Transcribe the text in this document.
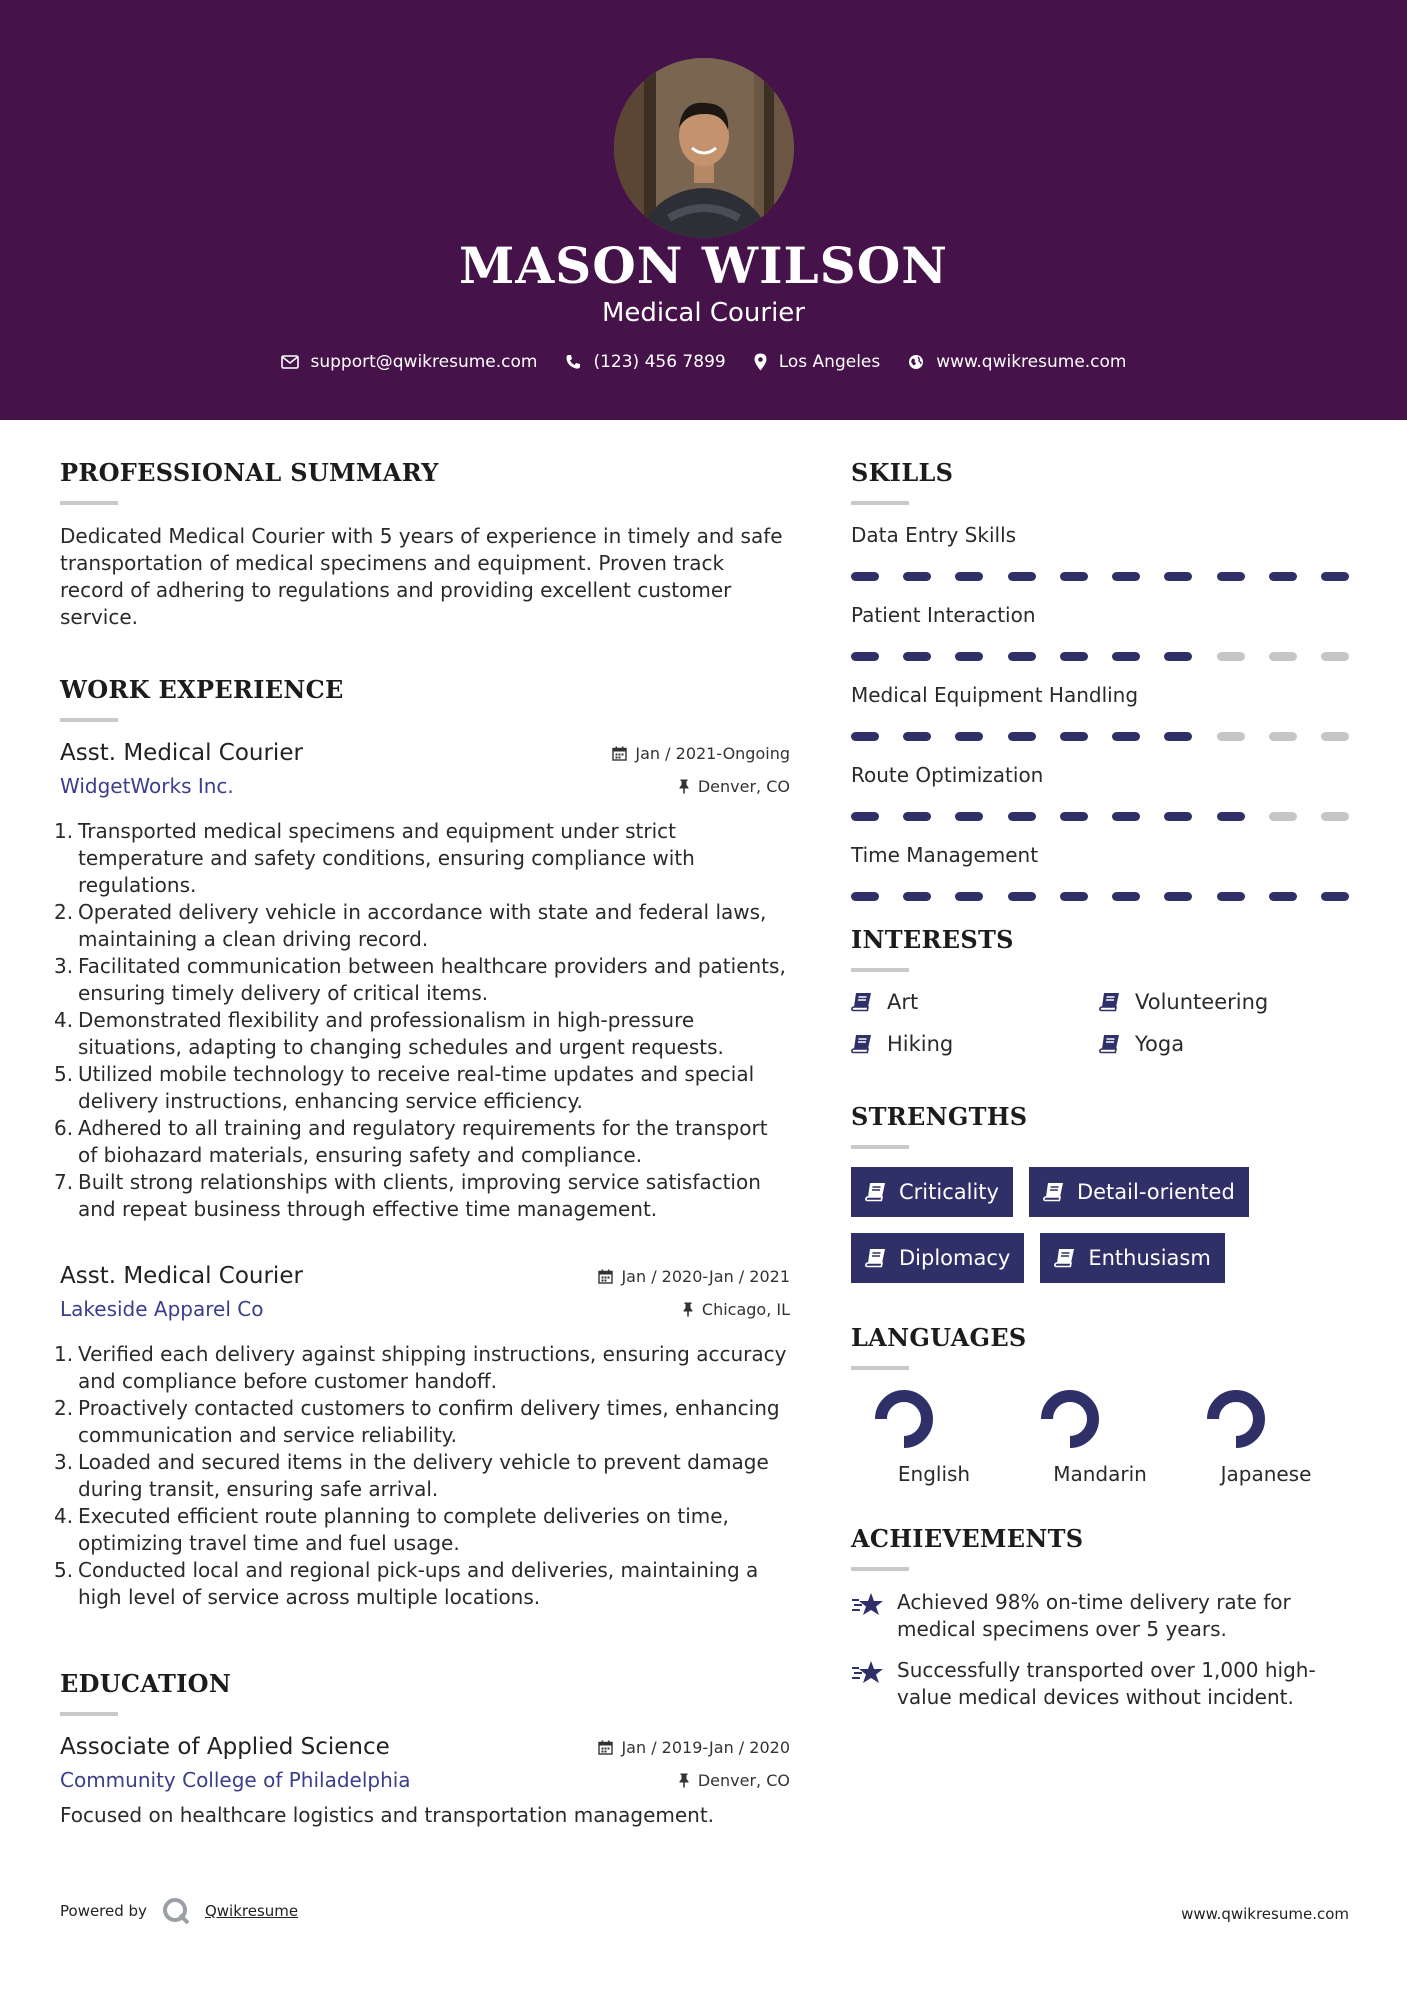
MASON WILSON
Medical Courier
support@qwikresume.com	(123) 456 7899	Los Angeles	www.qwikresume.com
PROFESSIONAL SUMMARY

Dedicated Medical Courier with 5 years of experience in timely and safe transportation of medical specimens and equipment. Proven track record of adhering to regulations and providing excellent customer service.

WORK EXPERIENCE
Asst. Medical Courier	Jan / 2021-Ongoing
WidgetWorks Inc.	Denver, CO
Transported medical specimens and equipment under strict temperature and safety conditions, ensuring compliance with regulations.
Operated delivery vehicle in accordance with state and federal laws, maintaining a clean driving record.
Facilitated communication between healthcare providers and patients, ensuring timely delivery of critical items.
Demonstrated flexibility and professionalism in high-pressure situations, adapting to changing schedules and urgent requests.
Utilized mobile technology to receive real-time updates and special delivery instructions, enhancing service efficiency.
Adhered to all training and regulatory requirements for the transport of biohazard materials, ensuring safety and compliance.
Built strong relationships with clients, improving service satisfaction and repeat business through effective time management.
Asst. Medical Courier	Jan / 2020-Jan / 2021
Lakeside Apparel Co	Chicago, IL
Verified each delivery against shipping instructions, ensuring accuracy and compliance before customer handoff.
Proactively contacted customers to confirm delivery times, enhancing communication and service reliability.
Loaded and secured items in the delivery vehicle to prevent damage during transit, ensuring safe arrival.
Executed efficient route planning to complete deliveries on time, optimizing travel time and fuel usage.
Conducted local and regional pick-ups and deliveries, maintaining a high level of service across multiple locations.
EDUCATION
Associate of Applied Science	Jan / 2019-Jan / 2020
Community College of Philadelphia	Denver, CO

Focused on healthcare logistics and transportation management.

SKILLS
Data Entry Skills
Patient Interaction
Medical Equipment Handling
Route Optimization
Time Management
INTERESTS
Art	Volunteering
Hiking	Yoga
STRENGTHS
Criticality	Detail-oriented
Diplomacy	Enthusiasm
LANGUAGES
English	Mandarin	Japanese
ACHIEVEMENTS
Achieved 98% on-time delivery rate for medical specimens over 5 years.
Successfully transported over 1,000 high-value medical devices without incident.
Powered by	Qwikresume	www.qwikresume.com
